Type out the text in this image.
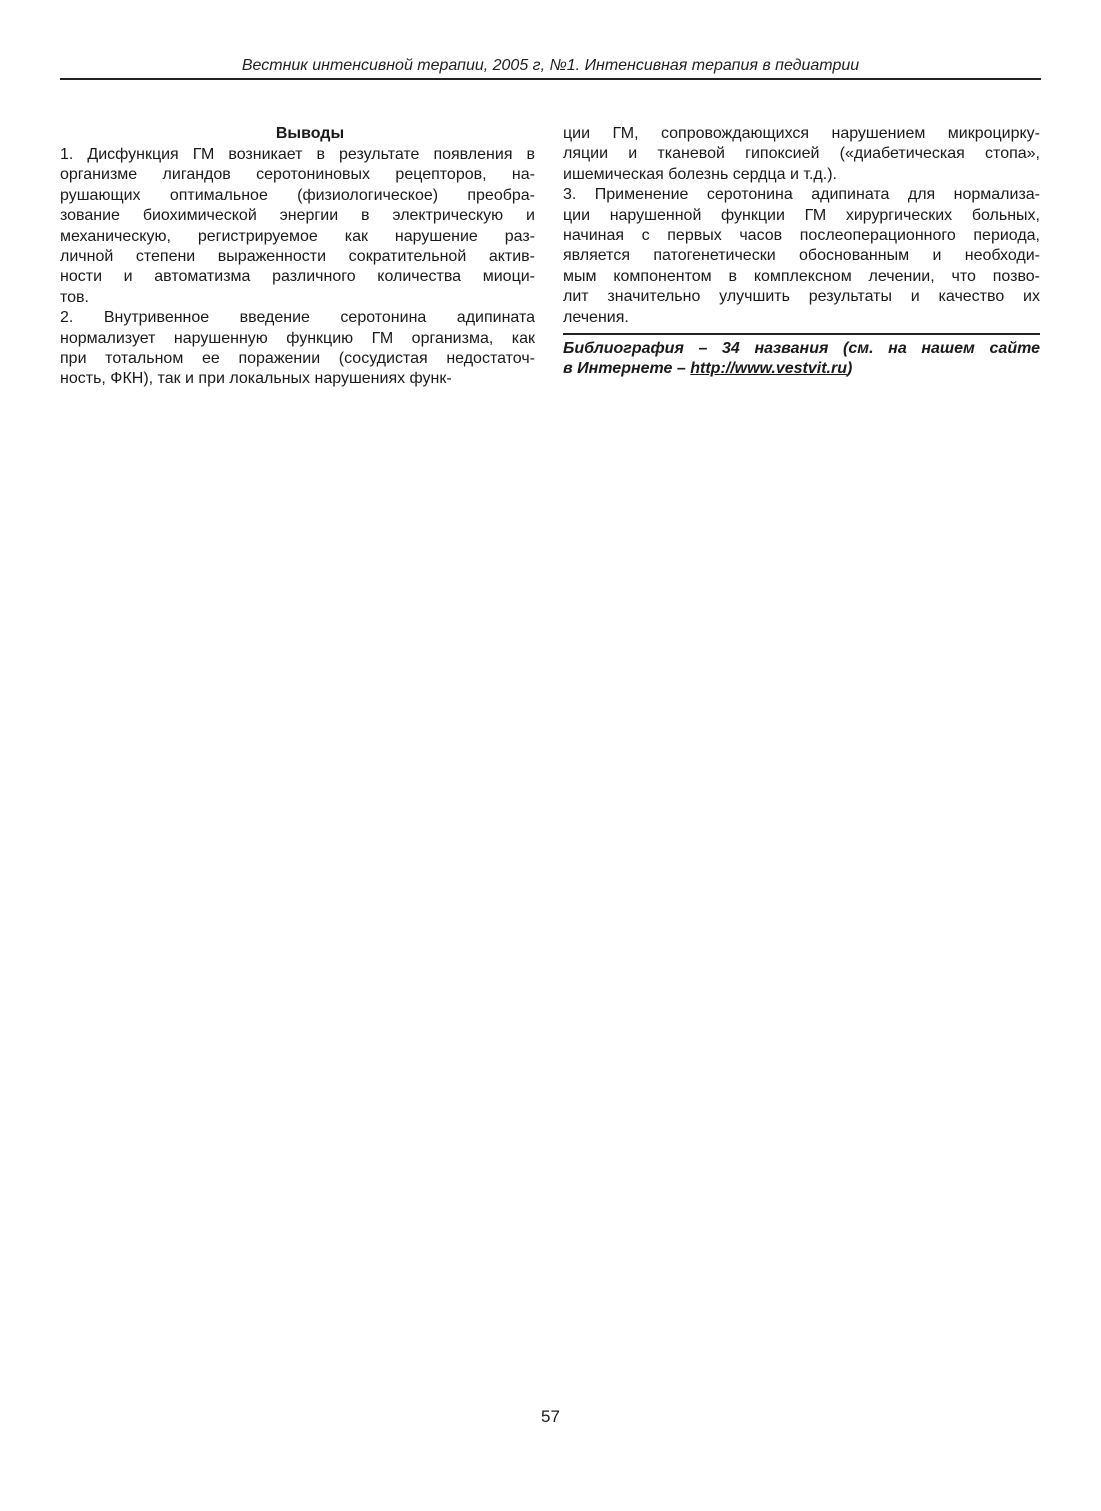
Вестник интенсивной терапии, 2005 г, №1. Интенсивная терапия в педиатрии
Выводы
1. Дисфункция ГМ возникает в результате появления в
организме лигандов серотониновых рецепторов, на-
рушающих оптимальное (физиологическое) преобра-
зование биохимической энергии в электрическую и
механическую, регистрируемое как нарушение раз-
личной степени выраженности сократительной актив-
ности и автоматизма различного количества миоци-
тов.
2. Внутривенное введение серотонина адипината
нормализует нарушенную функцию ГМ организма, как
при тотальном ее поражении (сосудистая недостаточ-
ность, ФКН), так и при локальных нарушениях функ-
ции ГМ, сопровождающихся нарушением микроцирку-
ляции и тканевой гипоксией («диабетическая стопа»,
ишемическая болезнь сердца и т.д.).
3. Применение серотонина адипината для нормализа-
ции нарушенной функции ГМ хирургических больных,
начиная с первых часов послеоперационного периода,
является патогенетически обоснованным и необходи-
мым компонентом в комплексном лечении, что позво-
лит значительно улучшить результаты и качество их
лечения.
Библиография – 34 названия (см. на нашем сайте
в Интернете – http://www.vestvit.ru)
57
